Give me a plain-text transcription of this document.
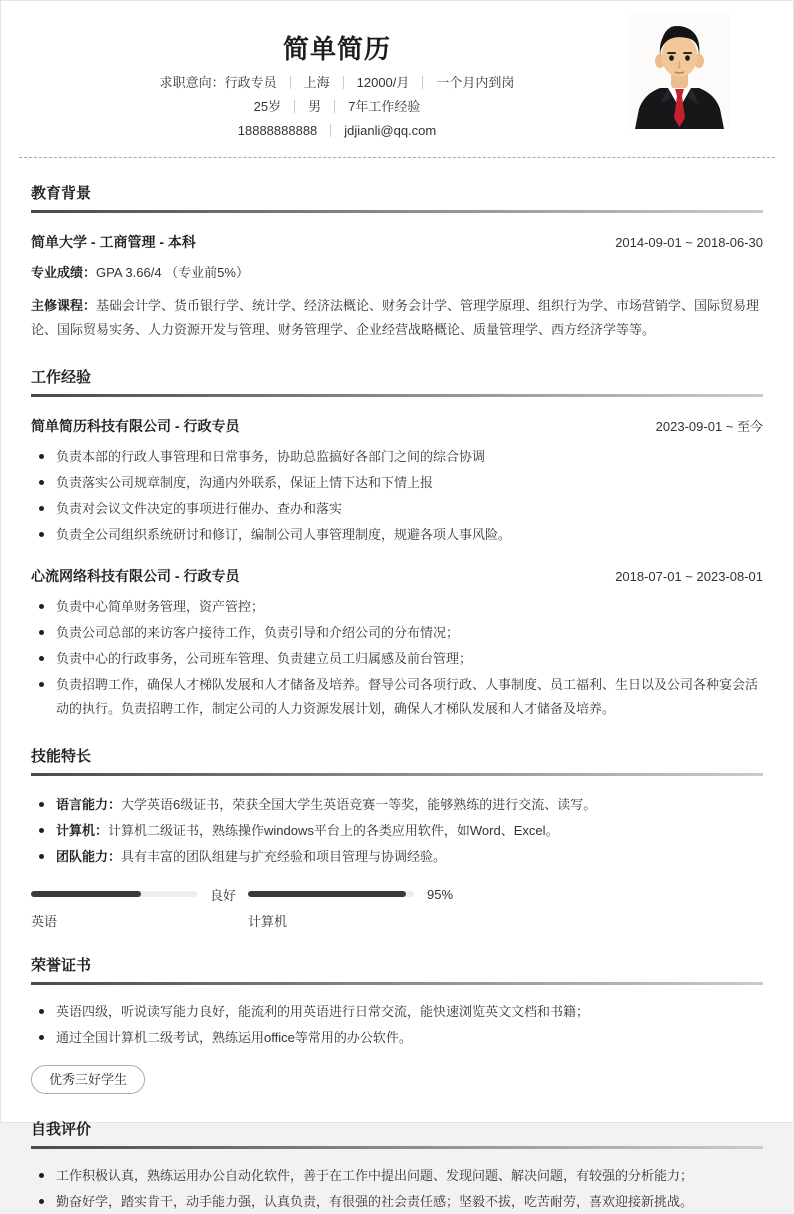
简单简历
求职意向：行政专员	上海	12000/月	一个月内到岗
25岁	男	7年工作经验
18888888888	jdjianli@qq.com
教育背景
简单大学 - 工商管理 - 本科	2014-09-01 ~ 2018-06-30
专业成绩：GPA 3.66/4 （专业前5%）
主修课程：基础会计学、货币银行学、统计学、经济法概论、财务会计学、管理学原理、组织行为学、市场营销学、国际贸易理论、国际贸易实务、人力资源开发与管理、财务管理学、企业经营战略概论、质量管理学、西方经济学等等。
工作经验
简单简历科技有限公司 - 行政专员	2023-09-01 ~ 至今
负责本部的行政人事管理和日常事务，协助总监搞好各部门之间的综合协调
负责落实公司规章制度，沟通内外联系，保证上情下达和下情上报
负责对会议文件决定的事项进行催办、查办和落实
负责全公司组织系统研讨和修订，编制公司人事管理制度，规避各项人事风险。
心流网络科技有限公司 - 行政专员	2018-07-01 ~ 2023-08-01
负责中心简单财务管理，资产管控；
负责公司总部的来访客户接待工作，负责引导和介绍公司的分布情况；
负责中心的行政事务，公司班车管理、负责建立员工归属感及前台管理；
负责招聘工作，确保人才梯队发展和人才储备及培养。督导公司各项行政、人事制度、员工福利、生日以及公司各种宴会活动的执行。负责招聘工作，制定公司的人力资源发展计划，确保人才梯队发展和人才储备及培养。
技能特长
语言能力：大学英语6级证书，荣获全国大学生英语竞赛一等奖，能够熟练的进行交流、读写。
计算机：计算机二级证书，熟练操作windows平台上的各类应用软件，如Word、Excel。
团队能力：具有丰富的团队组建与扩充经验和项目管理与协调经验。
良好
英语
95%
计算机
荣誉证书
英语四级，听说读写能力良好，能流利的用英语进行日常交流，能快速浏览英文文档和书籍；
通过全国计算机二级考试，熟练运用office等常用的办公软件。
优秀三好学生
自我评价
工作积极认真，熟练运用办公自动化软件，善于在工作中提出问题、发现问题、解决问题，有较强的分析能力；
勤奋好学，踏实肯干，动手能力强，认真负责，有很强的社会责任感；坚毅不拔，吃苦耐劳，喜欢迎接新挑战。
